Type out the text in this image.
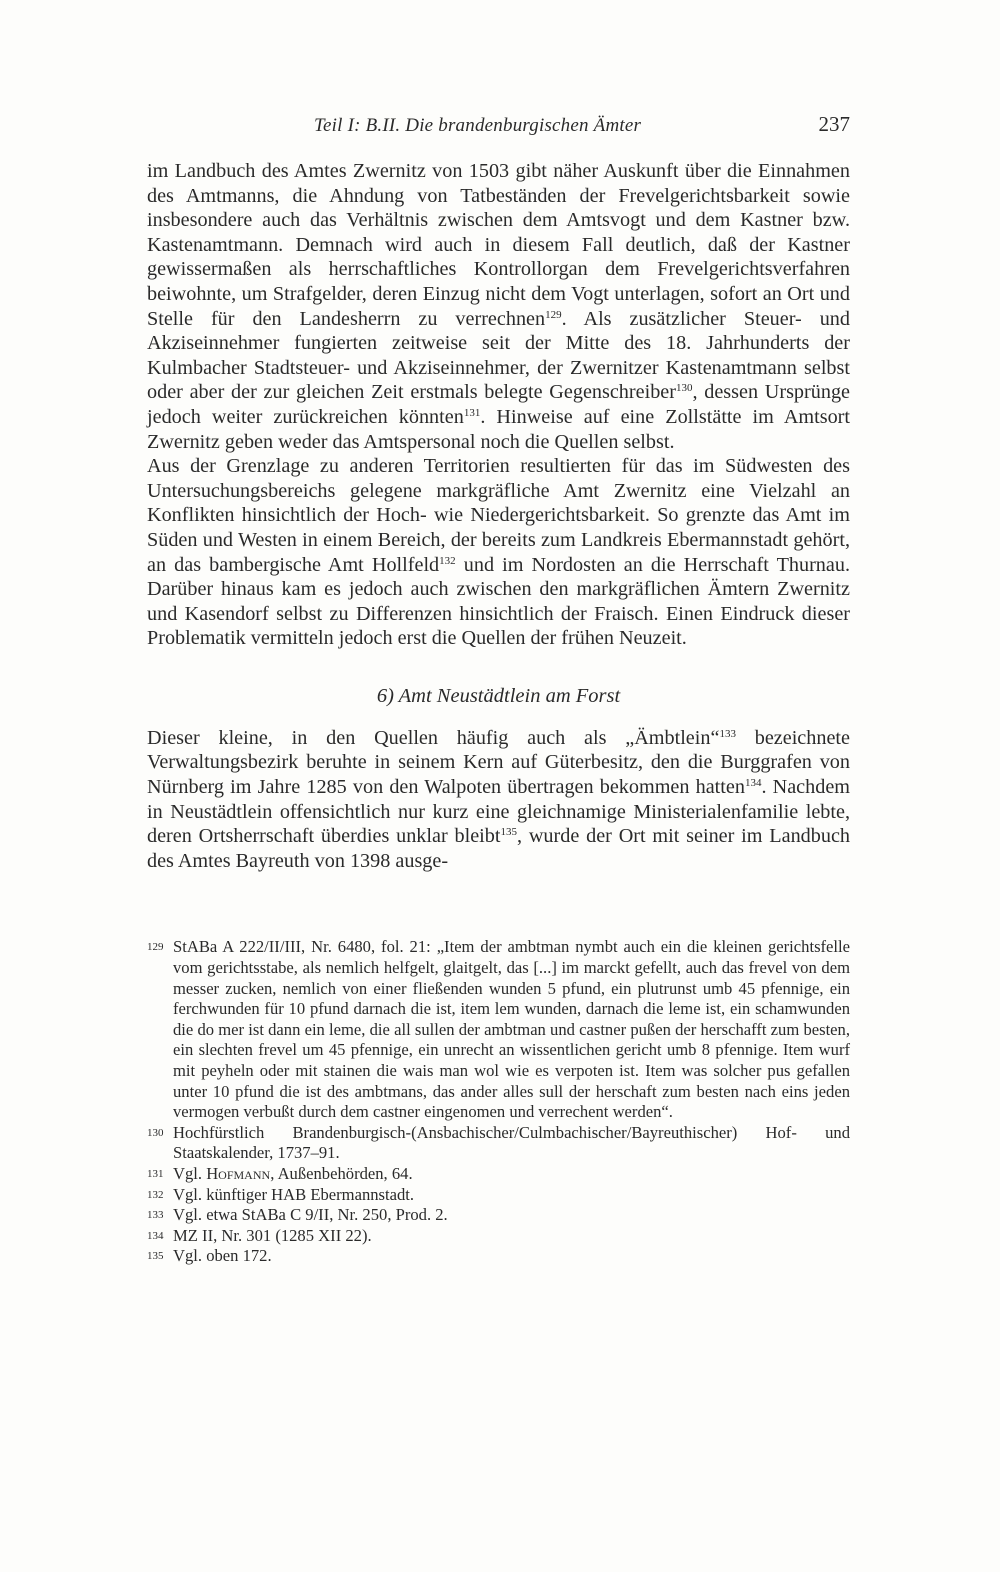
Teil I: B.II. Die brandenburgischen Ämter	237

im Landbuch des Amtes Zwernitz von 1503 gibt näher Auskunft über die Einnahmen des Amtmanns, die Ahndung von Tatbeständen der Frevelgerichtsbarkeit sowie insbesondere auch das Verhältnis zwischen dem Amtsvogt und dem Kastner bzw. Kastenamtmann. Demnach wird auch in diesem Fall deutlich, daß der Kastner gewissermaßen als herrschaftliches Kontrollorgan dem Frevelgerichtsverfahren beiwohnte, um Strafgelder, deren Einzug nicht dem Vogt unterlagen, sofort an Ort und Stelle für den Landesherrn zu verrechnen$^{129}$. Als zusätzlicher Steuer- und Akziseinnehmer fungierten zeitweise seit der Mitte des 18. Jahrhunderts der Kulmbacher Stadtsteuer- und Akziseinnehmer, der Zwernitzer Kastenamtmann selbst oder aber der zur gleichen Zeit erstmals belegte Gegenschreiber$^{130}$, dessen Ursprünge jedoch weiter zurückreichen könnten$^{131}$. Hinweise auf eine Zollstätte im Amtsort Zwernitz geben weder das Amtspersonal noch die Quellen selbst.

Aus der Grenzlage zu anderen Territorien resultierten für das im Südwesten des Untersuchungsbereichs gelegene markgräfliche Amt Zwernitz eine Vielzahl an Konflikten hinsichtlich der Hoch- wie Niedergerichtsbarkeit. So grenzte das Amt im Süden und Westen in einem Bereich, der bereits zum Landkreis Ebermannstadt gehört, an das bambergische Amt Hollfeld$^{132}$ und im Nordosten an die Herrschaft Thurnau. Darüber hinaus kam es jedoch auch zwischen den markgräflichen Ämtern Zwernitz und Kasendorf selbst zu Differenzen hinsichtlich der Fraisch. Einen Eindruck dieser Problematik vermitteln jedoch erst die Quellen der frühen Neuzeit.

6) Amt Neustädtlein am Forst

Dieser kleine, in den Quellen häufig auch als „Ämbtlein“$^{133}$ bezeichnete Verwaltungsbezirk beruhte in seinem Kern auf Güterbesitz, den die Burggrafen von Nürnberg im Jahre 1285 von den Walpoten übertragen bekommen hatten$^{134}$. Nachdem in Neustädtlein offensichtlich nur kurz eine gleichnamige Ministerialenfamilie lebte, deren Ortsherrschaft überdies unklar bleibt$^{135}$, wurde der Ort mit seiner im Landbuch des Amtes Bayreuth von 1398 ausge-

129 StABa A 222/II/III, Nr. 6480, fol. 21: „Item der ambtman nymbt auch ein die kleinen gerichtsfelle vom gerichtsstabe, als nemlich helfgelt, glaitgelt, das [...] im marckt gefellt, auch das frevel von dem messer zucken, nemlich von einer fließenden wunden 5 pfund, ein plutrunst umb 45 pfennige, ein ferchwunden für 10 pfund darnach die ist, item lem wunden, darnach die leme ist, ein schamwunden die do mer ist dann ein leme, die all sullen der ambtman und castner pußen der herschafft zum besten, ein slechten frevel um 45 pfennige, ein unrecht an wissentlichen gericht umb 8 pfennige. Item wurf mit peyheln oder mit stainen die wais man wol wie es verpoten ist. Item was solcher pus gefallen unter 10 pfund die ist des ambtmans, das ander alles sull der herschaft zum besten nach eins jeden vermogen verbußt durch dem castner eingenomen und verrechent werden“.
130 Hochfürstlich Brandenburgisch-(Ansbachischer/Culmbachischer/Bayreuthischer) Hof- und Staatskalender, 1737–91.
131 Vgl. Hofmann, Außenbehörden, 64.
132 Vgl. künftiger HAB Ebermannstadt.
133 Vgl. etwa StABa C 9/II, Nr. 250, Prod. 2.
134 MZ II, Nr. 301 (1285 XII 22).
135 Vgl. oben 172.
